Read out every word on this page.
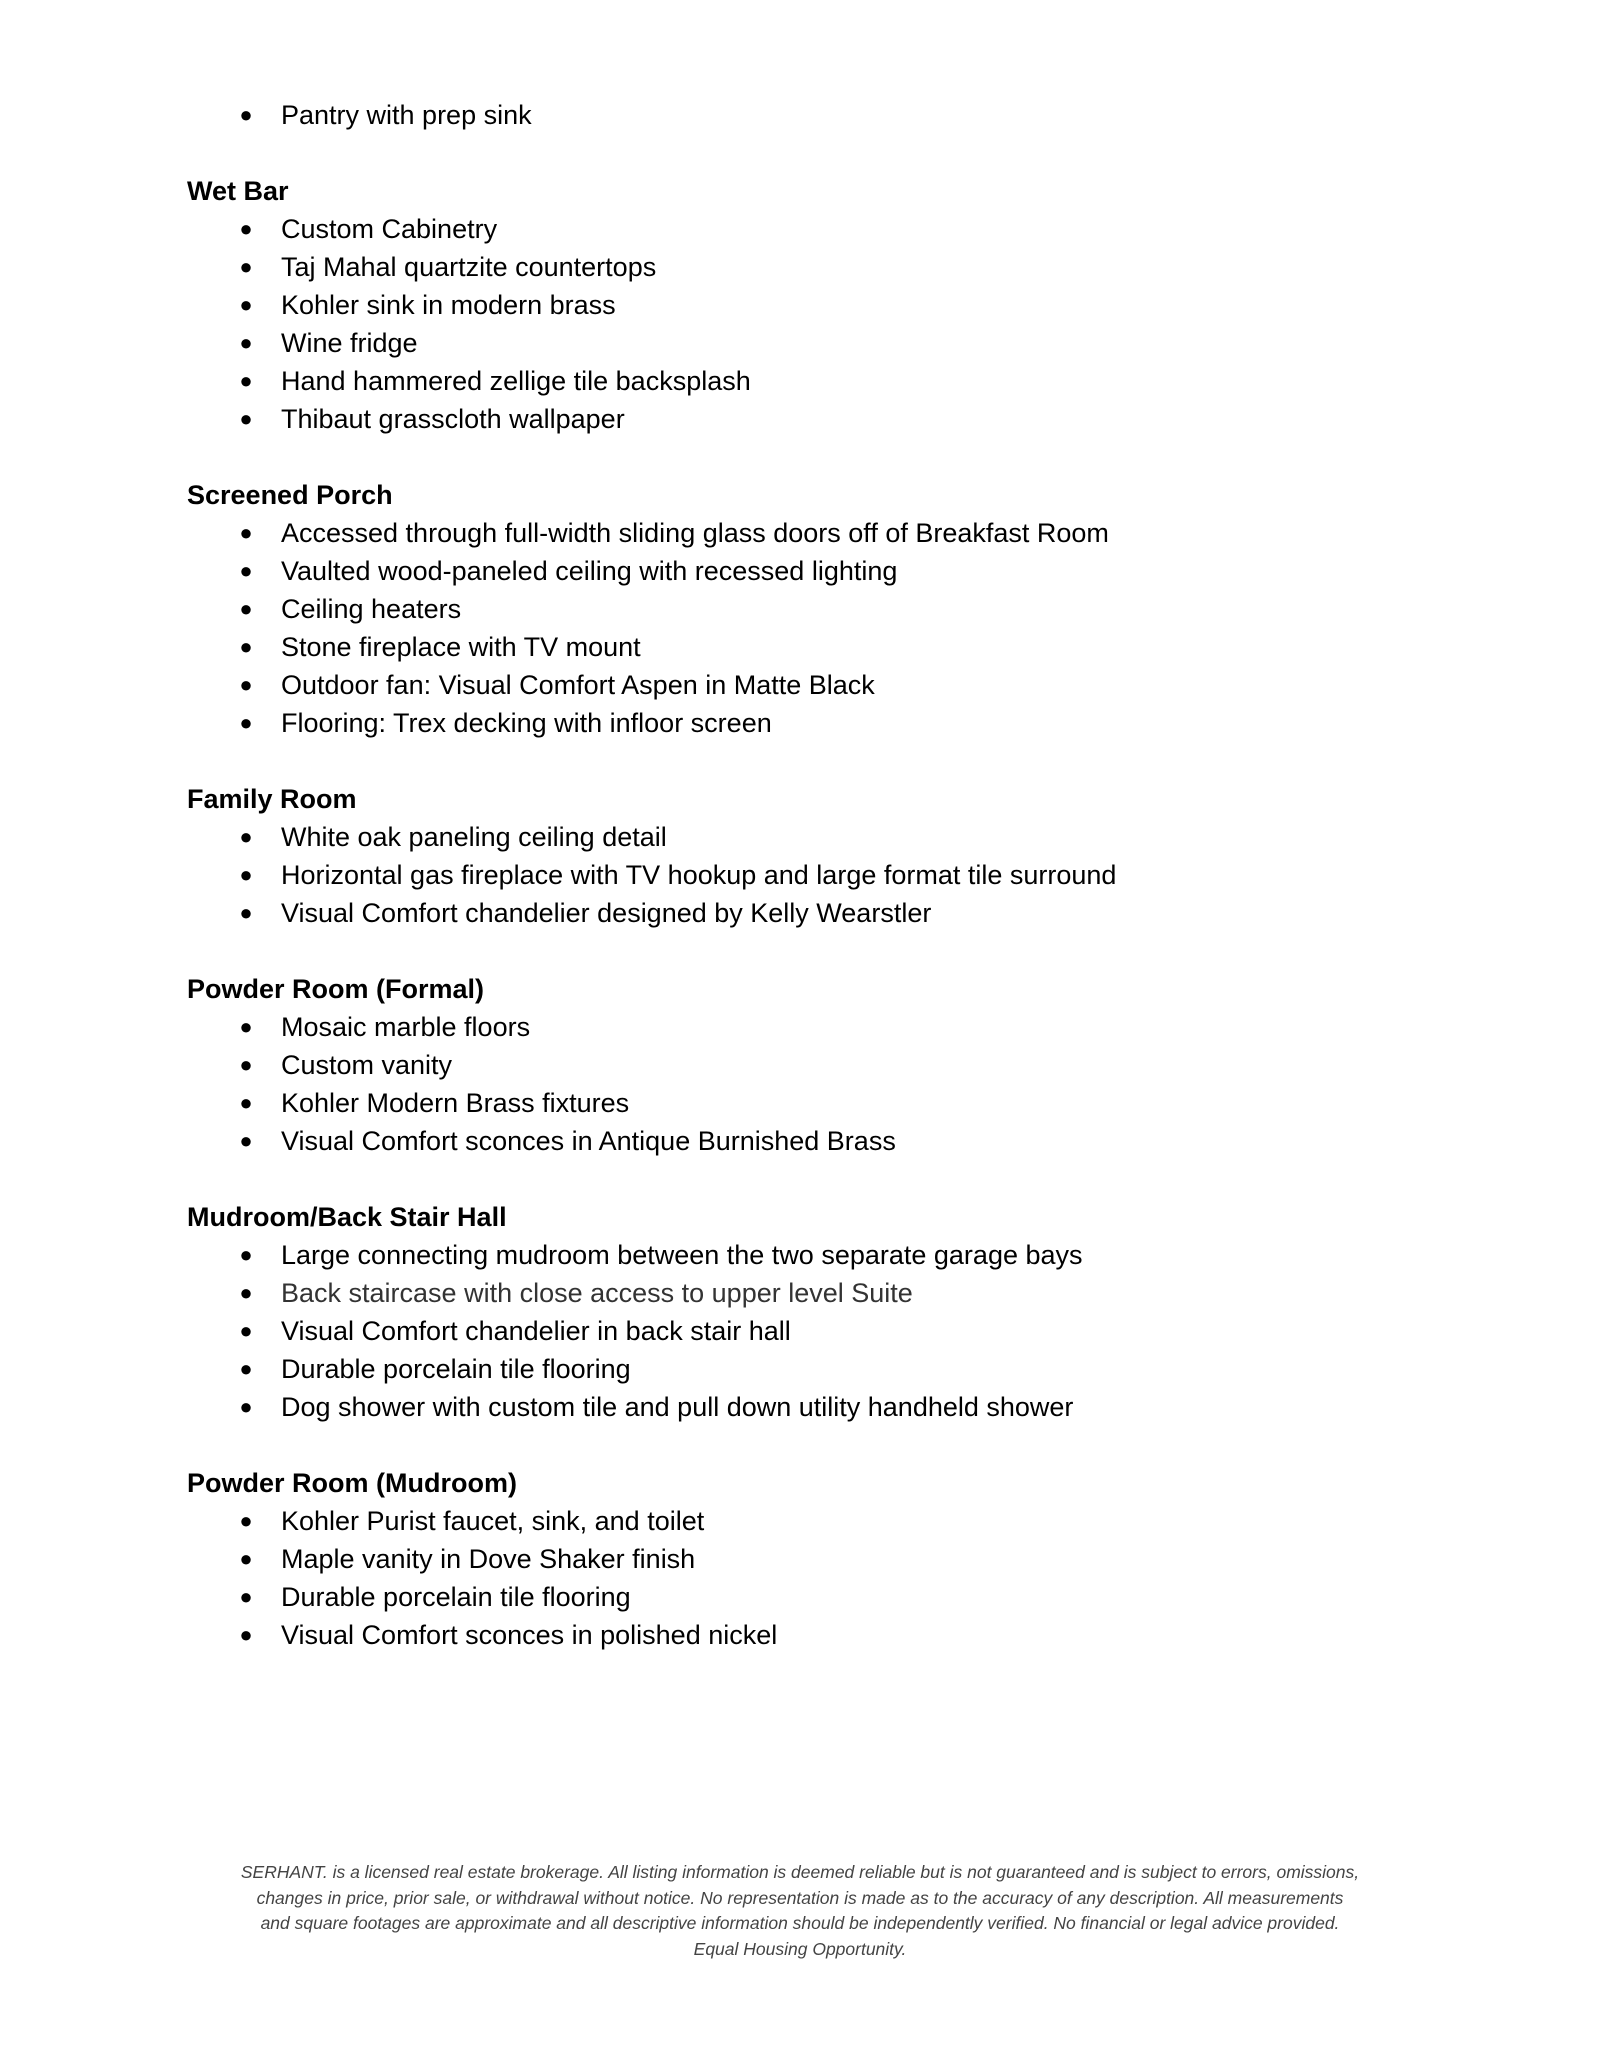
● Pantry with prep sink
Wet Bar
● Custom Cabinetry
● Taj Mahal quartzite countertops
● Kohler sink in modern brass
● Wine fridge
● Hand hammered zellige tile backsplash
● Thibaut grasscloth wallpaper
Screened Porch
● Accessed through full-width sliding glass doors off of Breakfast Room
● Vaulted wood-paneled ceiling with recessed lighting
● Ceiling heaters
● Stone fireplace with TV mount
● Outdoor fan: Visual Comfort Aspen in Matte Black
● Flooring: Trex decking with infloor screen
Family Room
● White oak paneling ceiling detail
● Horizontal gas fireplace with TV hookup and large format tile surround
● Visual Comfort chandelier designed by Kelly Wearstler
Powder Room (Formal)
● Mosaic marble floors
● Custom vanity
● Kohler Modern Brass fixtures
● Visual Comfort sconces in Antique Burnished Brass
Mudroom/Back Stair Hall
● Large connecting mudroom between the two separate garage bays
● Back staircase with close access to upper level Suite
● Visual Comfort chandelier in back stair hall
● Durable porcelain tile flooring
● Dog shower with custom tile and pull down utility handheld shower
Powder Room (Mudroom)
● Kohler Purist faucet, sink, and toilet
● Maple vanity in Dove Shaker finish
● Durable porcelain tile flooring
● Visual Comfort sconces in polished nickel
SERHANT. is a licensed real estate brokerage. All listing information is deemed reliable but is not guaranteed and is subject to errors, omissions,
changes in price, prior sale, or withdrawal without notice. No representation is made as to the accuracy of any description. All measurements
and square footages are approximate and all descriptive information should be independently verified. No financial or legal advice provided.
Equal Housing Opportunity.
